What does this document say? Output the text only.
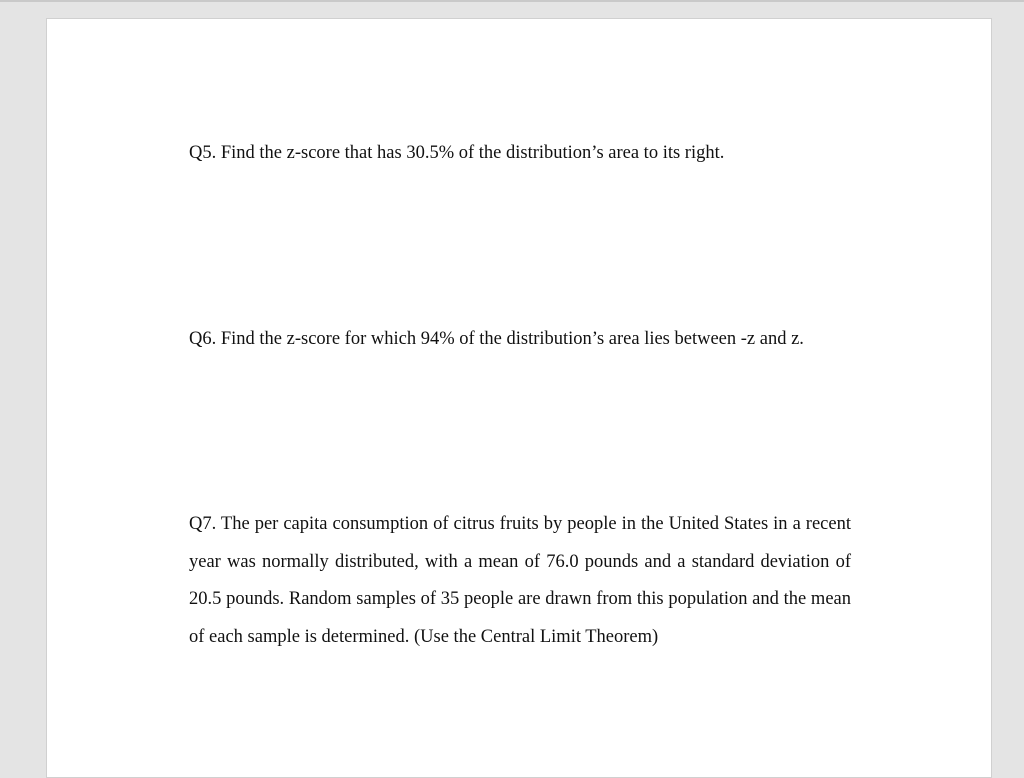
Q5. Find the z-score that has 30.5% of the distribution’s area to its right.

Q6. Find the z-score for which 94% of the distribution’s area lies between -z and z.

Q7. The per capita consumption of citrus fruits by people in the United States in a recent year was normally distributed, with a mean of 76.0 pounds and a standard deviation of 20.5 pounds. Random samples of 35 people are drawn from this population and the mean of each sample is determined. (Use the Central Limit Theorem)
